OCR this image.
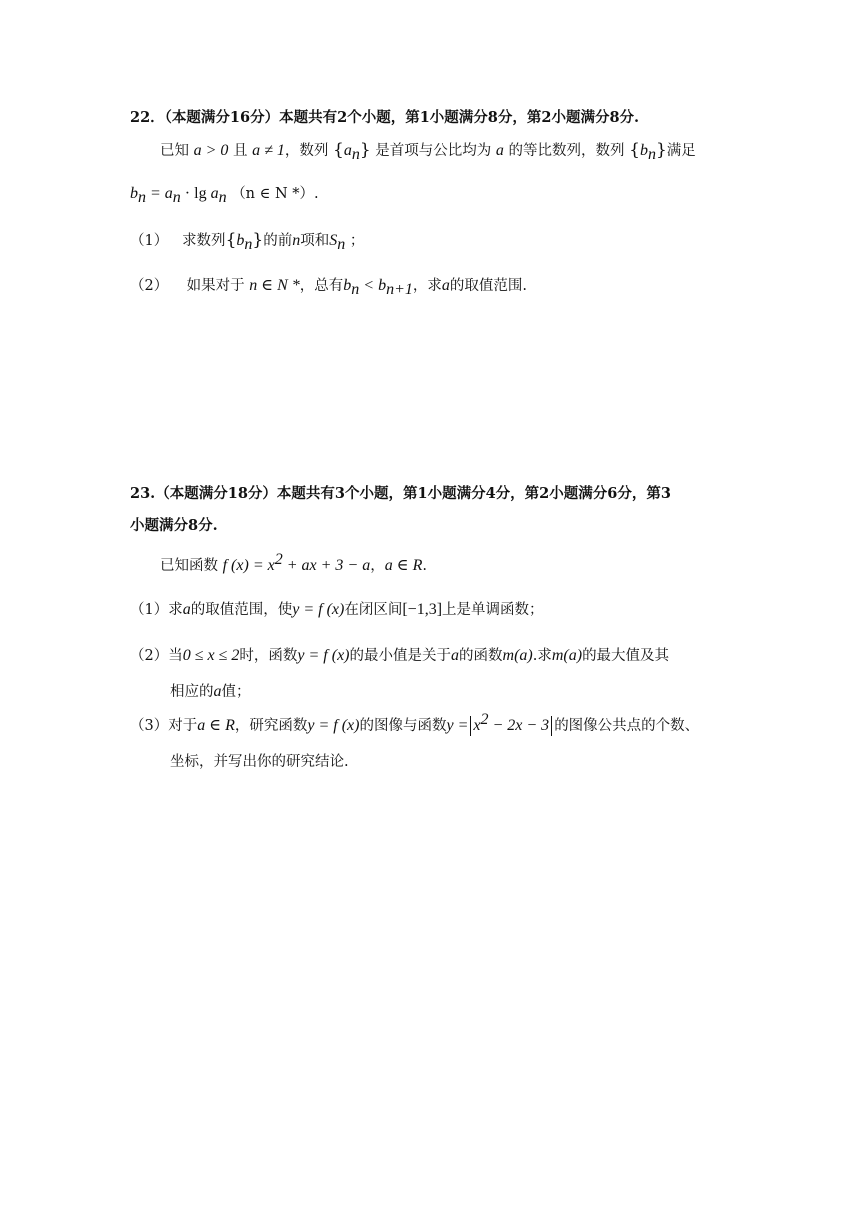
22．（本题满分16分）本题共有2个小题，第1小题满分8分，第2小题满分8分.
已知 a > 0 且 a ≠ 1，数列 $\{a_n\}$ 是首项与公比均为 a 的等比数列，数列 $\{b_n\}$满足
$b_n = a_n \cdot \lg a_n$ （n ∈ N *）.
（1） 求数列$\{b_n\}$的前n项和$S_n$ ；
（2） 如果对于 n ∈ N *，总有$b_n < b_{n+1}$，求a的取值范围.
23.（本题满分18分）本题共有3个小题，第1小题满分4分，第2小题满分6分，第3
小题满分8分.
已知函数 f $(x) = x^2$ + ax + 3 − a，a ∈ R.
（1）求a的取值范围，使y = f (x)在闭区间[−1,3]上是单调函数；
（2）当0 ≤ x ≤ 2时，函数y = f (x)的最小值是关于a的函数m(a).求m(a)的最大值及其
相应的a值；
（3）对于a ∈ R，研究函数y = f (x)的图像与函数$y = x^2 - 2x - 3$ 的图像公共点的个数、
坐标，并写出你的研究结论.
